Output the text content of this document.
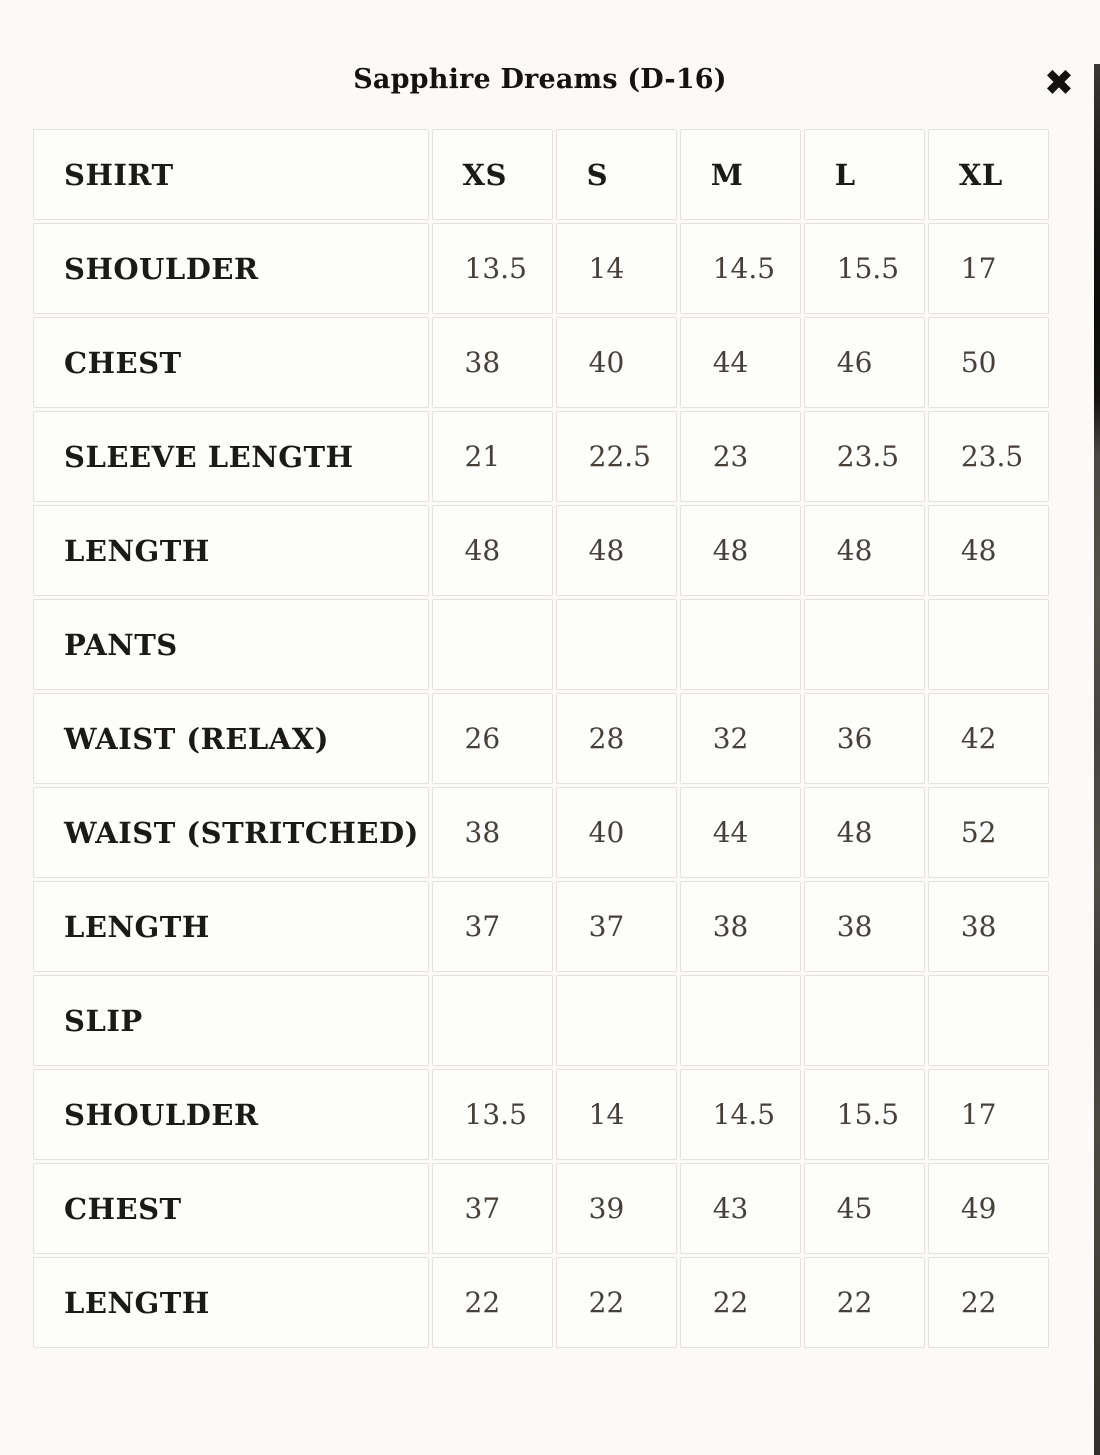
✖
Sapphire Dreams (D-16)
SHIRT	XS	S	M	L	XL
SHOULDER	13.5	14	14.5	15.5	17
CHEST	38	40	44	46	50
SLEEVE LENGTH	21	22.5	23	23.5	23.5
LENGTH	48	48	48	48	48
PANTS					
WAIST (RELAX)	26	28	32	36	42
WAIST (STRITCHED)	38	40	44	48	52
LENGTH	37	37	38	38	38
SLIP					
SHOULDER	13.5	14	14.5	15.5	17
CHEST	37	39	43	45	49
LENGTH	22	22	22	22	22
